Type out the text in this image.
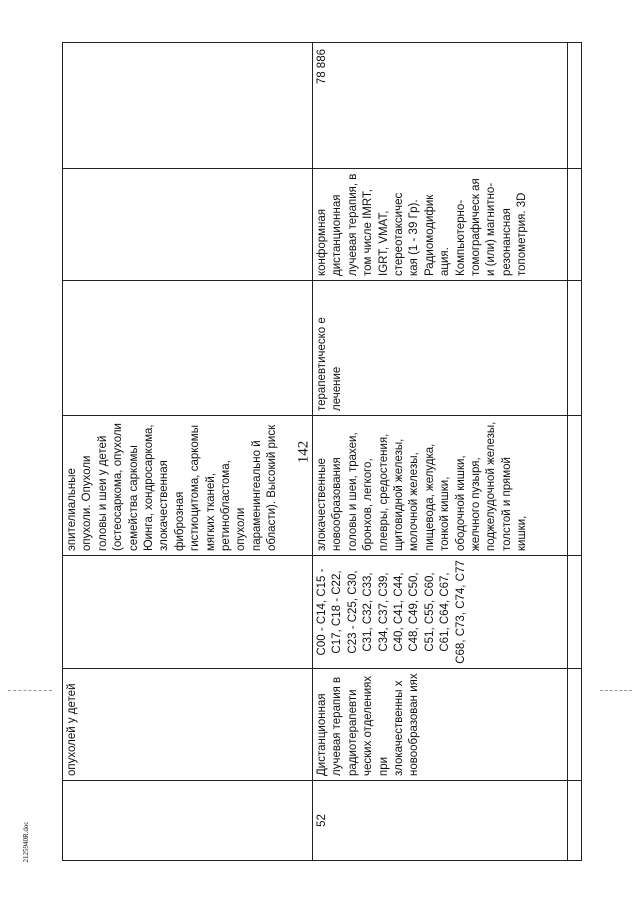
142
2125940R.doc
	опухолей у детей		эпителиальные опухоли. Опухоли головы и шеи у детей (остеосаркома, опухоли семейства саркомы Юинга, хондросаркома, злокачественная фиброзная гистиоцитома, саркомы мягких тканей, ретинобластома, опухоли параменингеально й области). Высокий риск			
52	Дистанционная лучевая терапия в радиотерапевти ческих отделениях при злокачественны х новообразован иях	C00 - C14, C15 - C17, C18 - C22, C23 - C25, C30, C31, C32, C33, C34, C37, C39, C40, C41, C44, C48, C49, C50, C51, C55, C60, C61, C64, C67, C68, C73, C74, C77	злокачественные новообразования головы и шеи, трахеи, бронхов, легкого, плевры, средостения, щитовидной железы, молочной железы, пищевода, желудка, тонкой кишки, ободочной кишки, желчного пузыря, поджелудочной железы, толстой и прямой кишки,	терапевтическо е лечение	конформная дистанционная лучевая терапия, в том числе IMRT, IGRT, VMAT, стереотаксичес кая (1 - 39 Гр). Радиомодифик ация. Компьютерно- томографическ ая и (или) магнитно- резонансная топометрия. 3D	78 886
